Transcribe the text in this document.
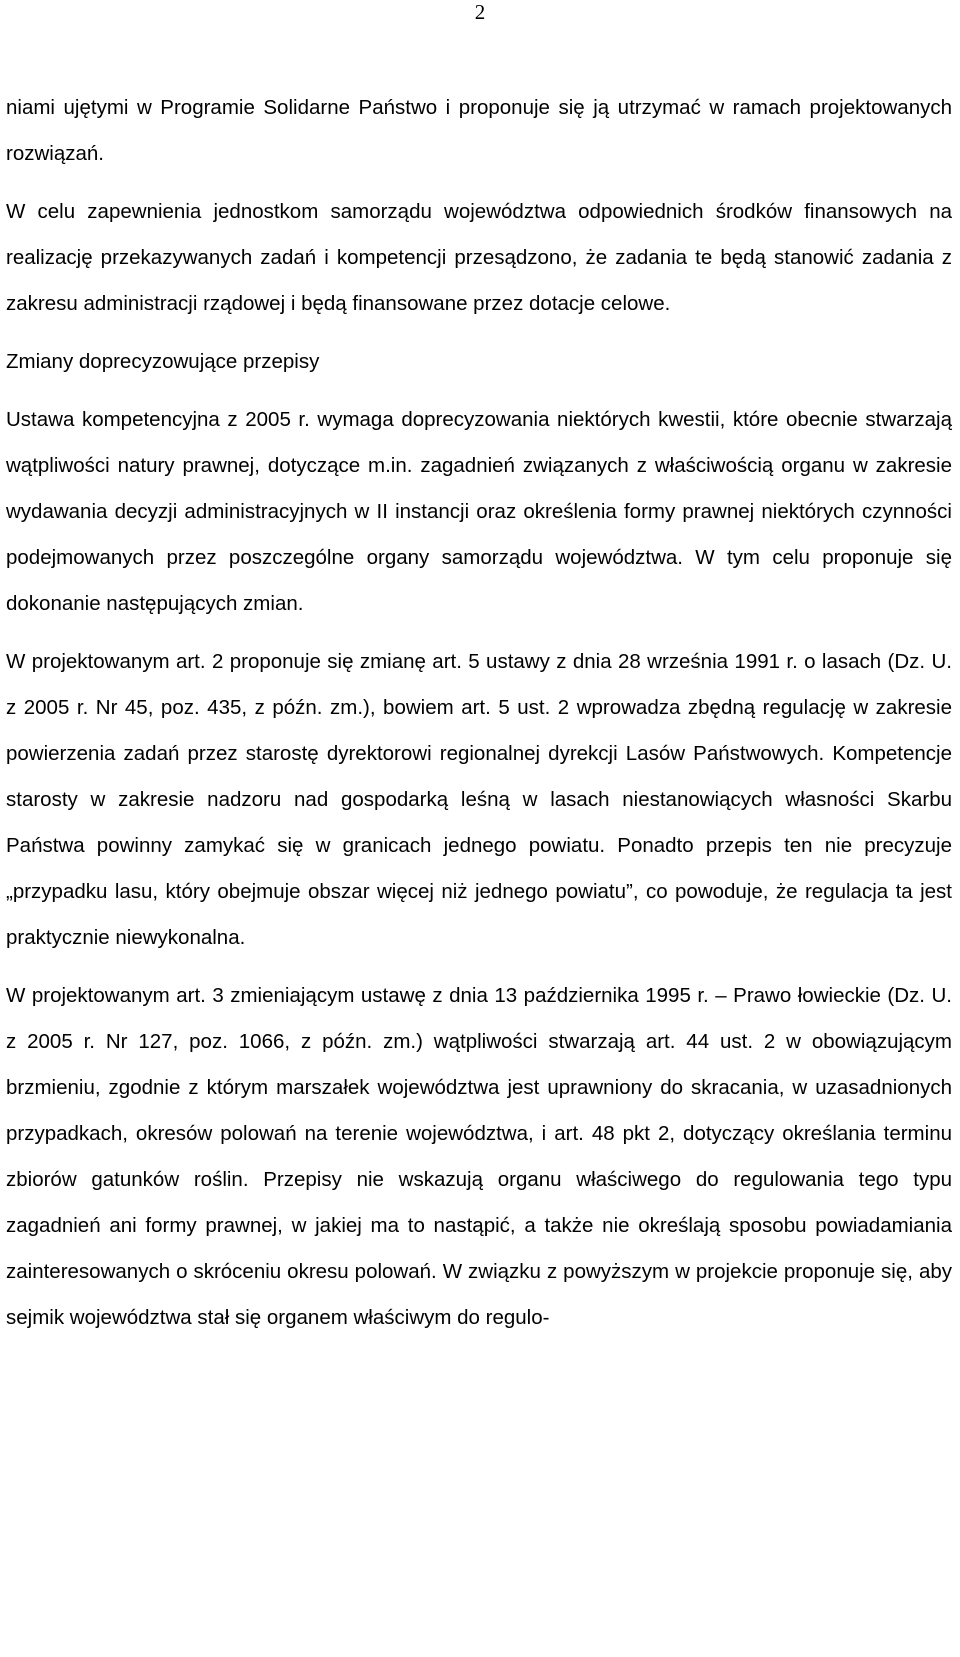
2

niami ujętymi w Programie Solidarne Państwo i proponuje się ją utrzymać w ramach projektowanych rozwiązań.

W celu zapewnienia jednostkom samorządu województwa odpowiednich środków finansowych na realizację przekazywanych zadań i kompetencji przesądzono, że zadania te będą stanowić zadania z zakresu administracji rządowej i będą finansowane przez dotacje celowe.

Zmiany doprecyzowujące przepisy

Ustawa kompetencyjna z 2005 r. wymaga doprecyzowania niektórych kwestii, które obecnie stwarzają wątpliwości natury prawnej, dotyczące m.in. zagadnień związanych z właściwością organu w zakresie wydawania decyzji administracyjnych w II instancji oraz określenia formy prawnej niektórych czynności podejmowanych przez poszczególne organy samorządu województwa. W tym celu proponuje się dokonanie następujących zmian.

W projektowanym art. 2 proponuje się zmianę art. 5 ustawy z dnia 28 września 1991 r. o lasach (Dz. U. z 2005 r. Nr 45, poz. 435, z późn. zm.), bowiem art. 5 ust. 2 wprowadza zbędną regulację w zakresie powierzenia zadań przez starostę dyrektorowi regionalnej dyrekcji Lasów Państwowych. Kompetencje starosty w zakresie nadzoru nad gospodarką leśną w lasach niestanowiących własności Skarbu Państwa powinny zamykać się w granicach jednego powiatu. Ponadto przepis ten nie precyzuje „przypadku lasu, który obejmuje obszar więcej niż jednego powiatu”, co powoduje, że regulacja ta jest praktycznie niewykonalna.

W projektowanym art. 3 zmieniającym ustawę z dnia 13 października 1995 r. – Prawo łowieckie (Dz. U. z 2005 r. Nr 127, poz. 1066, z późn. zm.) wątpliwości stwarzają art. 44 ust. 2 w obowiązującym brzmieniu, zgodnie z którym marszałek województwa jest uprawniony do skracania, w uzasadnionych przypadkach, okresów polowań na terenie województwa, i art. 48 pkt 2, dotyczący określania terminu zbiorów gatunków roślin. Przepisy nie wskazują organu właściwego do regulowania tego typu zagadnień ani formy prawnej, w jakiej ma to nastąpić, a także nie określają sposobu powiadamiania zainteresowanych o skróceniu okresu polowań. W związku z powyższym w projekcie proponuje się, aby sejmik województwa stał się organem właściwym do regulo-
